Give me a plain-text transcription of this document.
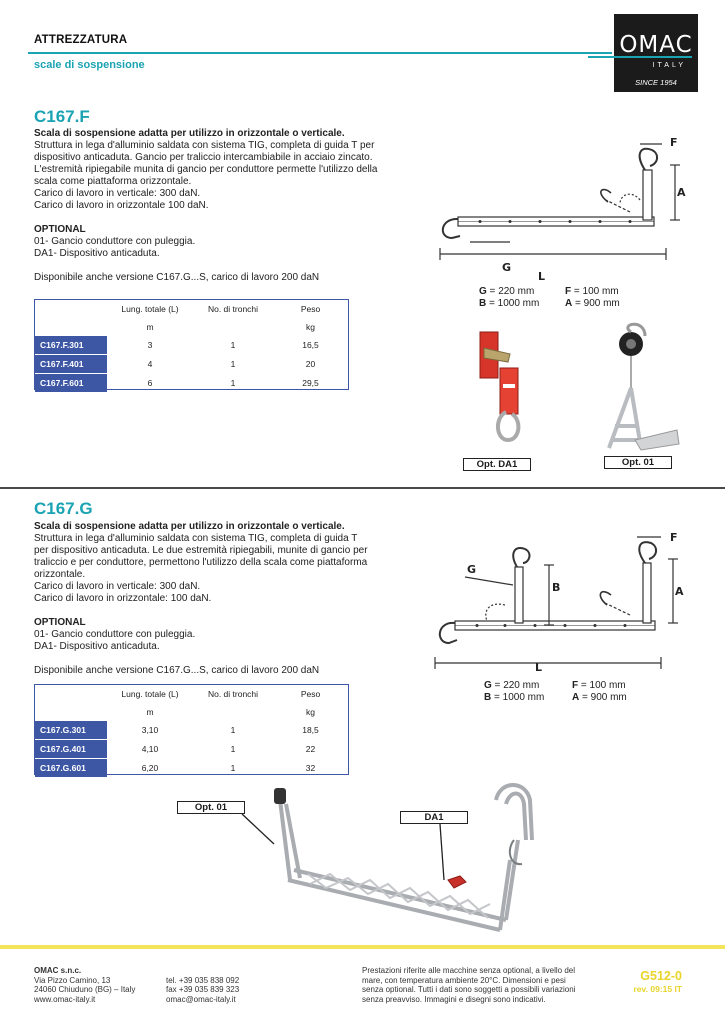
ATTREZZATURA
scale di sospensione
OMAC
ITALY
SINCE 1954
C167.F
Scala di sospensione adatta per utilizzo in orizzontale o verticale.
Struttura in lega d'alluminio saldata con sistema TIG, completa di guida T per
dispositivo anticaduta. Gancio per traliccio intercambiabile in acciaio zincato.
L'estremità ripiegabile munita di gancio per conduttore permette l'utilizzo della
scala come piattaforma orizzontale.
Carico di lavoro in verticale: 300 daN.
Carico di lavoro in orizzontale 100 daN.
OPTIONAL
01- Gancio conduttore con puleggia.
DA1- Dispositivo anticaduta.
Disponibile anche versione C167.G...S, carico di lavoro 200 daN
	Lung. totale (L)	No. di tronchi	Peso
	m		kg
C167.F.301	3	1	16,5
C167.F.401	4	1	20
C167.F.601	6	1	29,5
F
A
G
L
G = 220 mm	F = 100 mm
B = 1000 mm	A = 900 mm
Opt. DA1	Opt. 01
C167.G
Scala di sospensione adatta per utilizzo in orizzontale o verticale.
Struttura in lega d'alluminio saldata con sistema TIG, completa di guida T
per dispositivo anticaduta. Le due estremità ripiegabili, munite di gancio per
traliccio e per conduttore, permettono l'utilizzo della scala come piattaforma
orizzontale.
Carico di lavoro in verticale: 300 daN.
Carico di lavoro in orizzontale: 100 daN.
OPTIONAL
01- Gancio conduttore con puleggia.
DA1- Dispositivo anticaduta.
Disponibile anche versione C167.G...S, carico di lavoro 200 daN
	Lung. totale (L)	No. di tronchi	Peso
	m		kg
C167.G.301	3,10	1	18,5
C167.G.401	4,10	1	22
C167.G.601	6,20	1	32
F
A
G
B
L
G = 220 mm	F = 100 mm
B = 1000 mm	A = 900 mm
Opt. 01
DA1
OMAC s.n.c.
Via Pizzo Camino, 13
24060 Chiuduno (BG) – Italy
www.omac-italy.it
tel. +39 035 838 092
fax +39 035 839 323
omac@omac-italy.it
Prestazioni riferite alle macchine senza optional, a livello del
mare, con temperatura ambiente 20°C. Dimensioni e pesi
senza optional. Tutti i dati sono soggetti a possibili variazioni
senza preavviso. Immagini e disegni sono indicativi.
G512-0
rev. 09:15 IT
